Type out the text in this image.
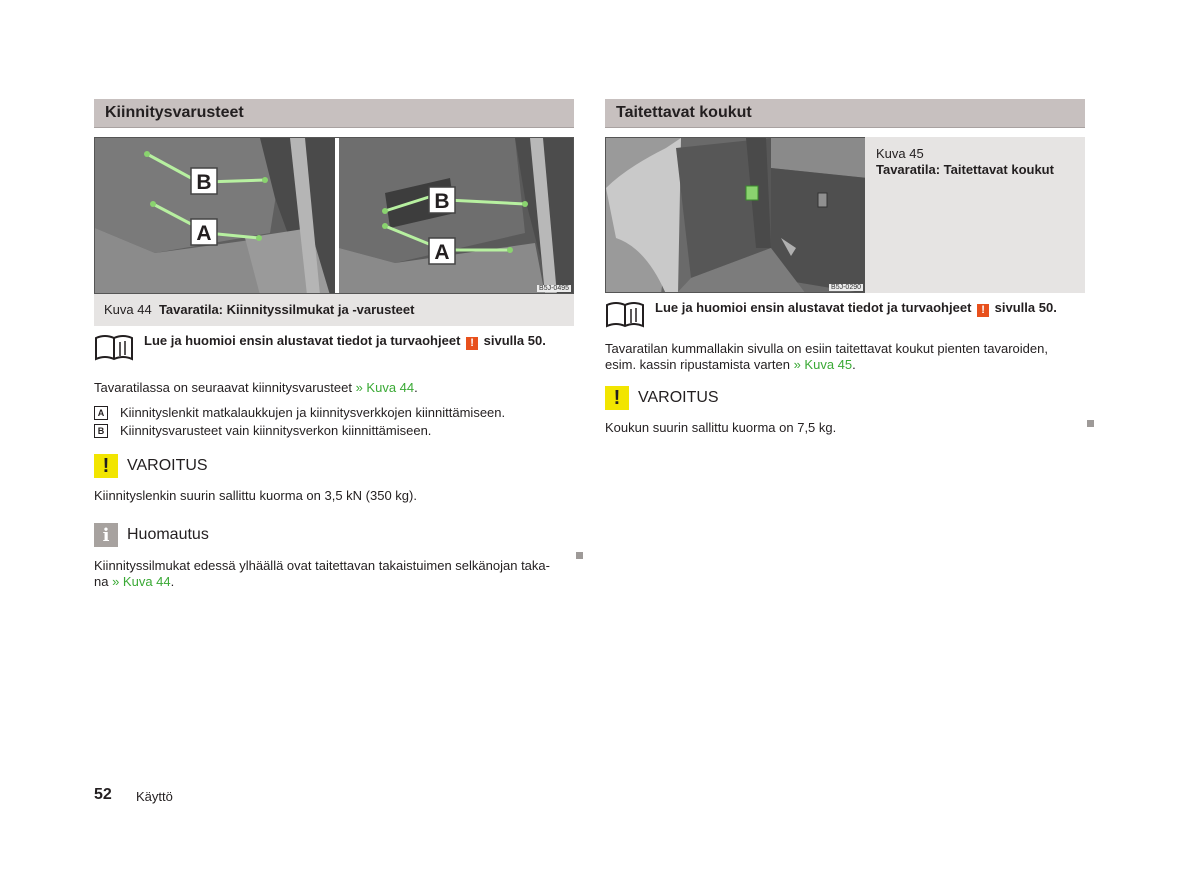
Kiinnitysvarusteet
B
A
B
A
B5J-0495
Kuva 44 Tavaratila: Kiinnityssilmukat ja -varusteet
Lue ja huomioi ensin alustavat tiedot ja turvaohjeet ! sivulla 50.

Tavaratilassa on seuraavat kiinnitysvarusteet » Kuva 44.

A Kiinnityslenkit matkalaukkujen ja kiinnitysverkkojen kiinnittämiseen.
B Kiinnitysvarusteet vain kiinnitysverkon kiinnittämiseen.
!	VAROITUS

Kiinnityslenkin suurin sallittu kuorma on 3,5 kN (350 kg).

i	Huomautus

Kiinnityssilmukat edessä ylhäällä ovat taitettavan takaistuimen selkänojan taka-
na » Kuva 44.

Taitettavat koukut
B5J-0290
Kuva 45
Tavaratila: Taitettavat koukut
Lue ja huomioi ensin alustavat tiedot ja turvaohjeet ! sivulla 50.

Tavaratilan kummallakin sivulla on esiin taitettavat koukut pienten tavaroiden,
esim. kassin ripustamista varten » Kuva 45.

!	VAROITUS

Koukun suurin sallittu kuorma on 7,5 kg.

52 Käyttö
